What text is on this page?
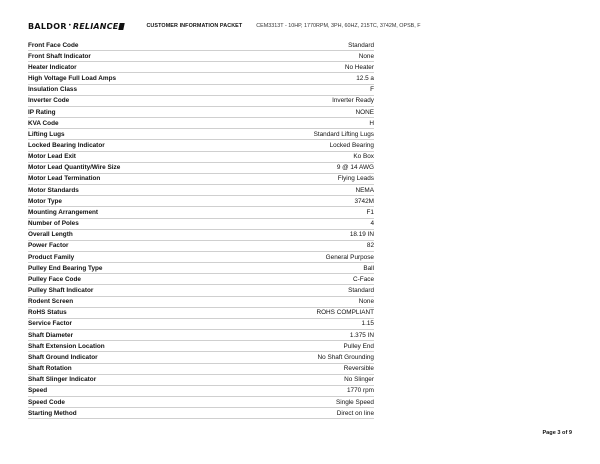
BALDOR • RELIANCE	CUSTOMER INFORMATION PACKET	CEM3313T - 10HP, 1770RPM, 3PH, 60HZ, 215TC, 3742M, OPSB, F
Front Face Code	Standard
Front Shaft Indicator	None
Heater Indicator	No Heater
High Voltage Full Load Amps	12.5 a
Insulation Class	F
Inverter Code	Inverter Ready
IP Rating	NONE
KVA Code	H
Lifting Lugs	Standard Lifting Lugs
Locked Bearing Indicator	Locked Bearing
Motor Lead Exit	Ko Box
Motor Lead Quantity/Wire Size	9 @ 14 AWG
Motor Lead Termination	Flying Leads
Motor Standards	NEMA
Motor Type	3742M
Mounting Arrangement	F1
Number of Poles	4
Overall Length	18.19 IN
Power Factor	82
Product Family	General Purpose
Pulley End Bearing Type	Ball
Pulley Face Code	C-Face
Pulley Shaft Indicator	Standard
Rodent Screen	None
RoHS Status	ROHS COMPLIANT
Service Factor	1.15
Shaft Diameter	1.375 IN
Shaft Extension Location	Pulley End
Shaft Ground Indicator	No Shaft Grounding
Shaft Rotation	Reversible
Shaft Slinger Indicator	No Slinger
Speed	1770 rpm
Speed Code	Single Speed
Starting Method	Direct on line
Page 3 of 9
